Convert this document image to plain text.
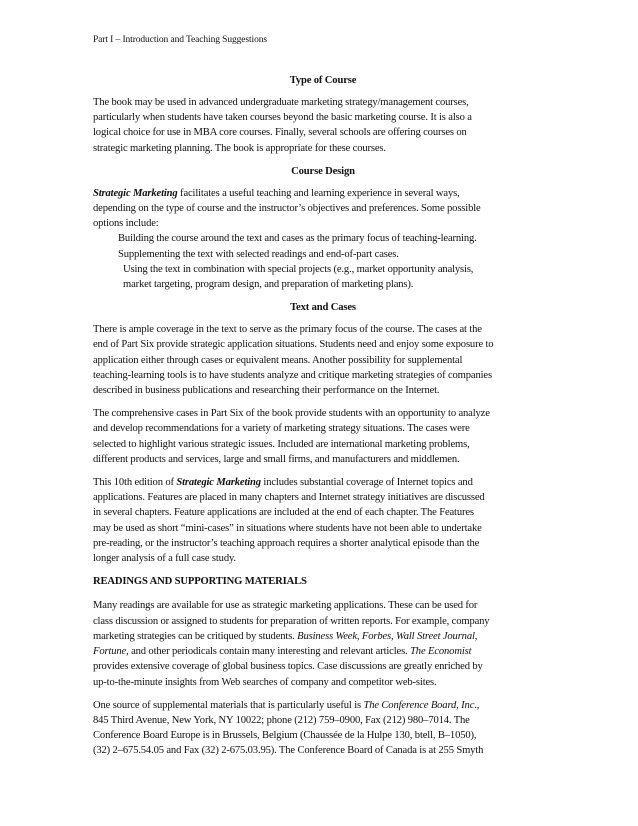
Part I – Introduction and Teaching Suggestions

Type of Course

The book may be used in advanced undergraduate marketing strategy/management courses,

particularly when students have taken courses beyond the basic marketing course. It is also a

logical choice for use in MBA core courses. Finally, several schools are offering courses on

strategic marketing planning. The book is appropriate for these courses.

Course Design

Strategic Marketing facilitates a useful teaching and learning experience in several ways,

depending on the type of course and the instructor’s objectives and preferences. Some possible

options include:

Building the course around the text and cases as the primary focus of teaching-learning.

Supplementing the text with selected readings and end-of-part cases.

Using the text in combination with special projects (e.g., market opportunity analysis,

market targeting, program design, and preparation of marketing plans).

Text and Cases

There is ample coverage in the text to serve as the primary focus of the course. The cases at the

end of Part Six provide strategic application situations. Students need and enjoy some exposure to

application either through cases or equivalent means. Another possibility for supplemental

teaching-learning tools is to have students analyze and critique marketing strategies of companies

described in business publications and researching their performance on the Internet.

The comprehensive cases in Part Six of the book provide students with an opportunity to analyze

and develop recommendations for a variety of marketing strategy situations. The cases were

selected to highlight various strategic issues. Included are international marketing problems,

different products and services, large and small firms, and manufacturers and middlemen.

This 10th edition of Strategic Marketing includes substantial coverage of Internet topics and

applications. Features are placed in many chapters and Internet strategy initiatives are discussed

in several chapters. Feature applications are included at the end of each chapter. The Features

may be used as short “mini-cases” in situations where students have not been able to undertake

pre-reading, or the instructor’s teaching approach requires a shorter analytical episode than the

longer analysis of a full case study.

READINGS AND SUPPORTING MATERIALS

Many readings are available for use as strategic marketing applications. These can be used for

class discussion or assigned to students for preparation of written reports. For example, company

marketing strategies can be critiqued by students. Business Week, Forbes, Wall Street Journal,

Fortune, and other periodicals contain many interesting and relevant articles. The Economist

provides extensive coverage of global business topics. Case discussions are greatly enriched by

up-to-the-minute insights from Web searches of company and competitor web-sites.

One source of supplemental materials that is particularly useful is The Conference Board, Inc.,

845 Third Avenue, New York, NY 10022; phone (212) 759–0900, Fax (212) 980–7014. The

Conference Board Europe is in Brussels, Belgium (Chaussée de la Hulpe 130, btell, B–1050),

(32) 2–675.54.05 and Fax (32) 2-675.03.95). The Conference Board of Canada is at 255 Smyth
